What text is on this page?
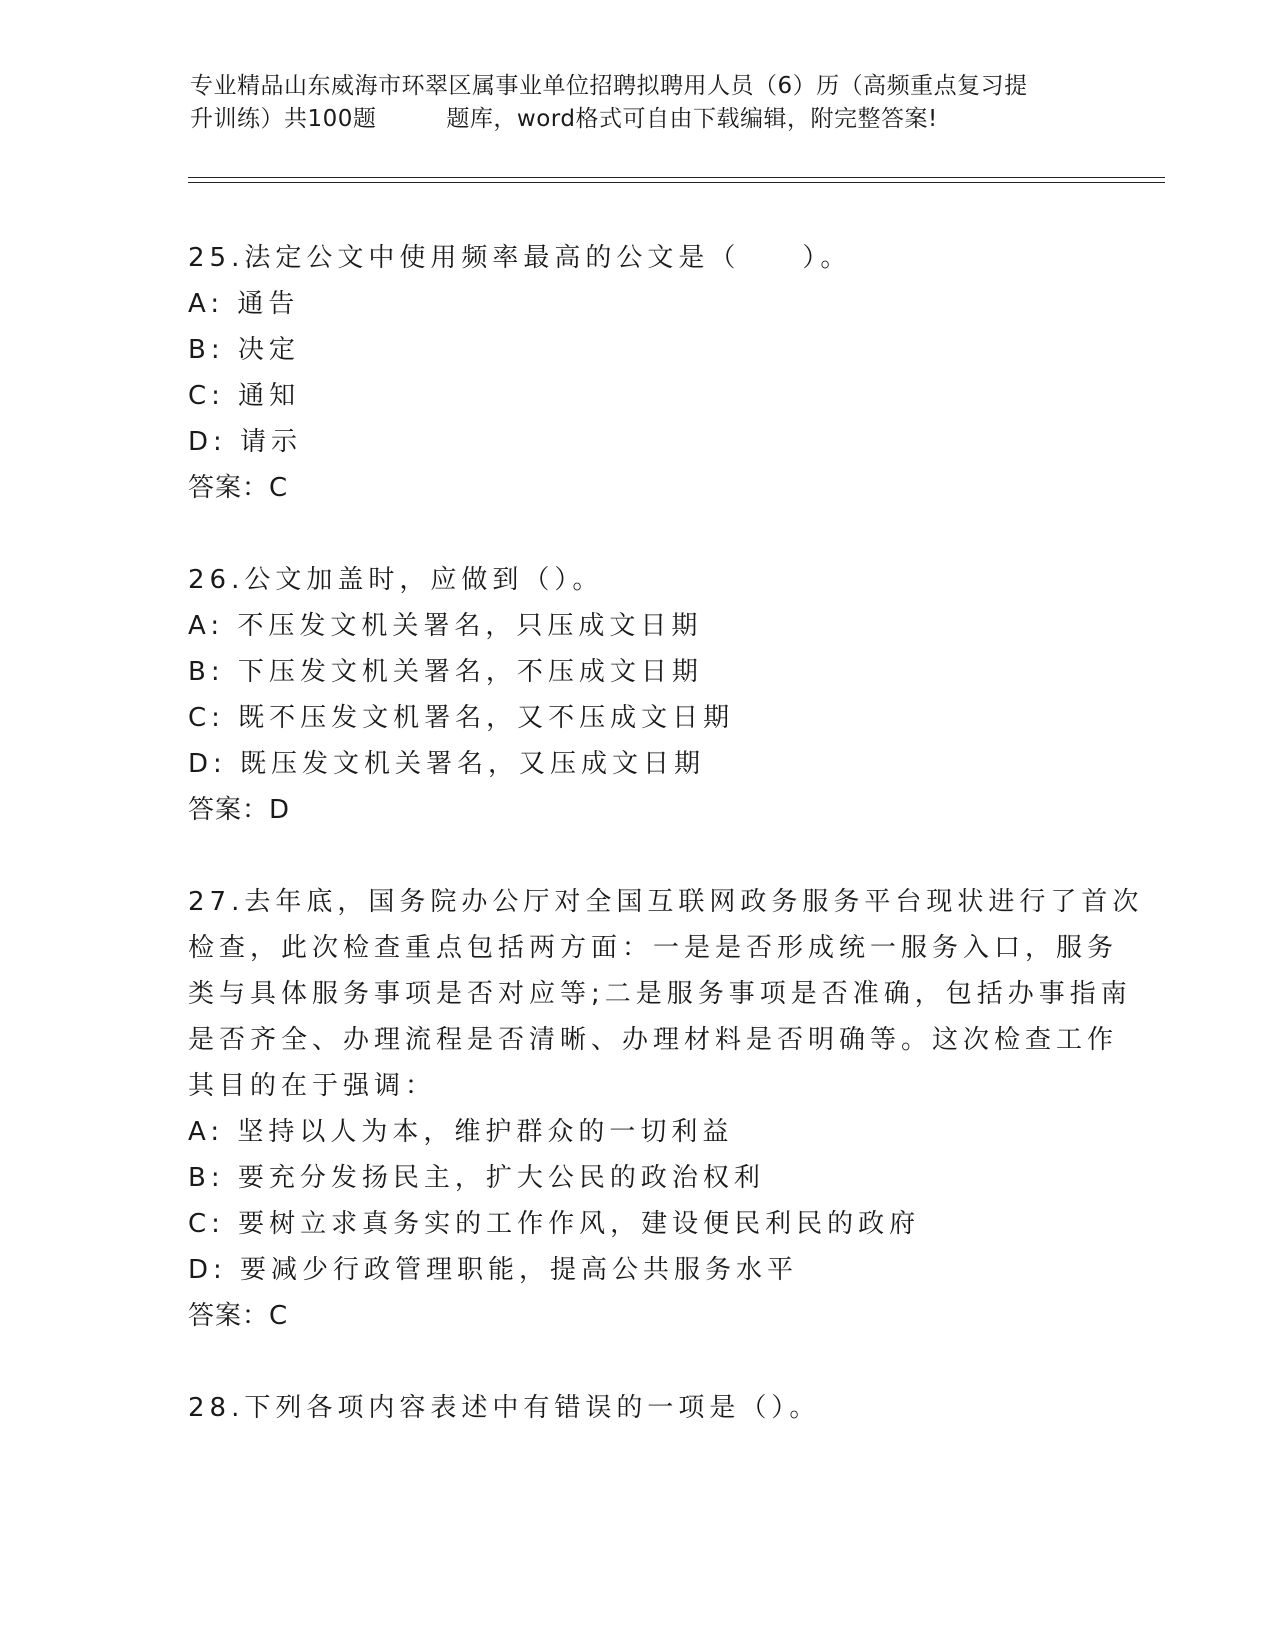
专业精品山东威海市环翠区属事业单位招聘拟聘用人员（6）历（高频重点复习提
升训练）共100题	题库，word格式可自由下载编辑，附完整答案!
25.法定公文中使用频率最高的公文是（　　）。
A: 通告
B: 决定
C: 通知
D: 请示
答案：C
26.公文加盖时，应做到（）。
A: 不压发文机关署名，只压成文日期
B: 下压发文机关署名，不压成文日期
C: 既不压发文机署名，又不压成文日期
D: 既压发文机关署名，又压成文日期
答案：D
27.去年底，国务院办公厅对全国互联网政务服务平台现状进行了首次
检查，此次检查重点包括两方面：一是是否形成统一服务入口，服务
类与具体服务事项是否对应等;二是服务事项是否准确，包括办事指南
是否齐全、办理流程是否清晰、办理材料是否明确等。这次检查工作
其目的在于强调：
A: 坚持以人为本，维护群众的一切利益
B: 要充分发扬民主，扩大公民的政治权利
C: 要树立求真务实的工作作风，建设便民利民的政府
D: 要减少行政管理职能，提高公共服务水平
答案：C
28.下列各项内容表述中有错误的一项是（）。
